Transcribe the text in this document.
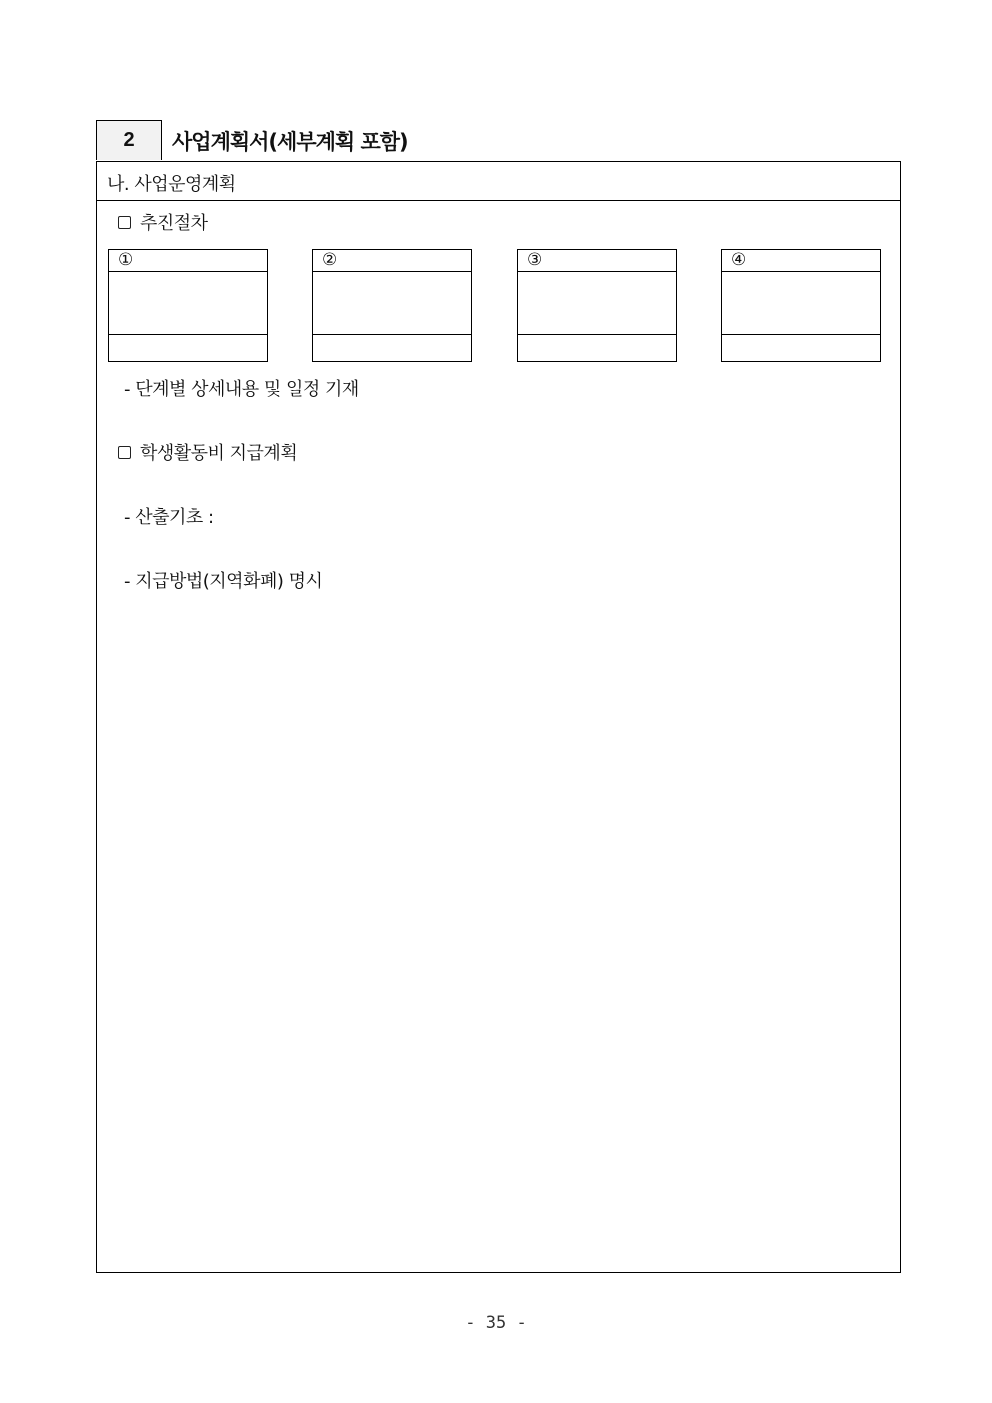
2	사업계획서(세부계획 포함)
나. 사업운영계획
추진절차
①	②	③	④
- 단계별 상세내용 및 일정 기재
학생활동비 지급계획
- 산출기초 :
- 지급방법(지역화폐) 명시
- 35 -
